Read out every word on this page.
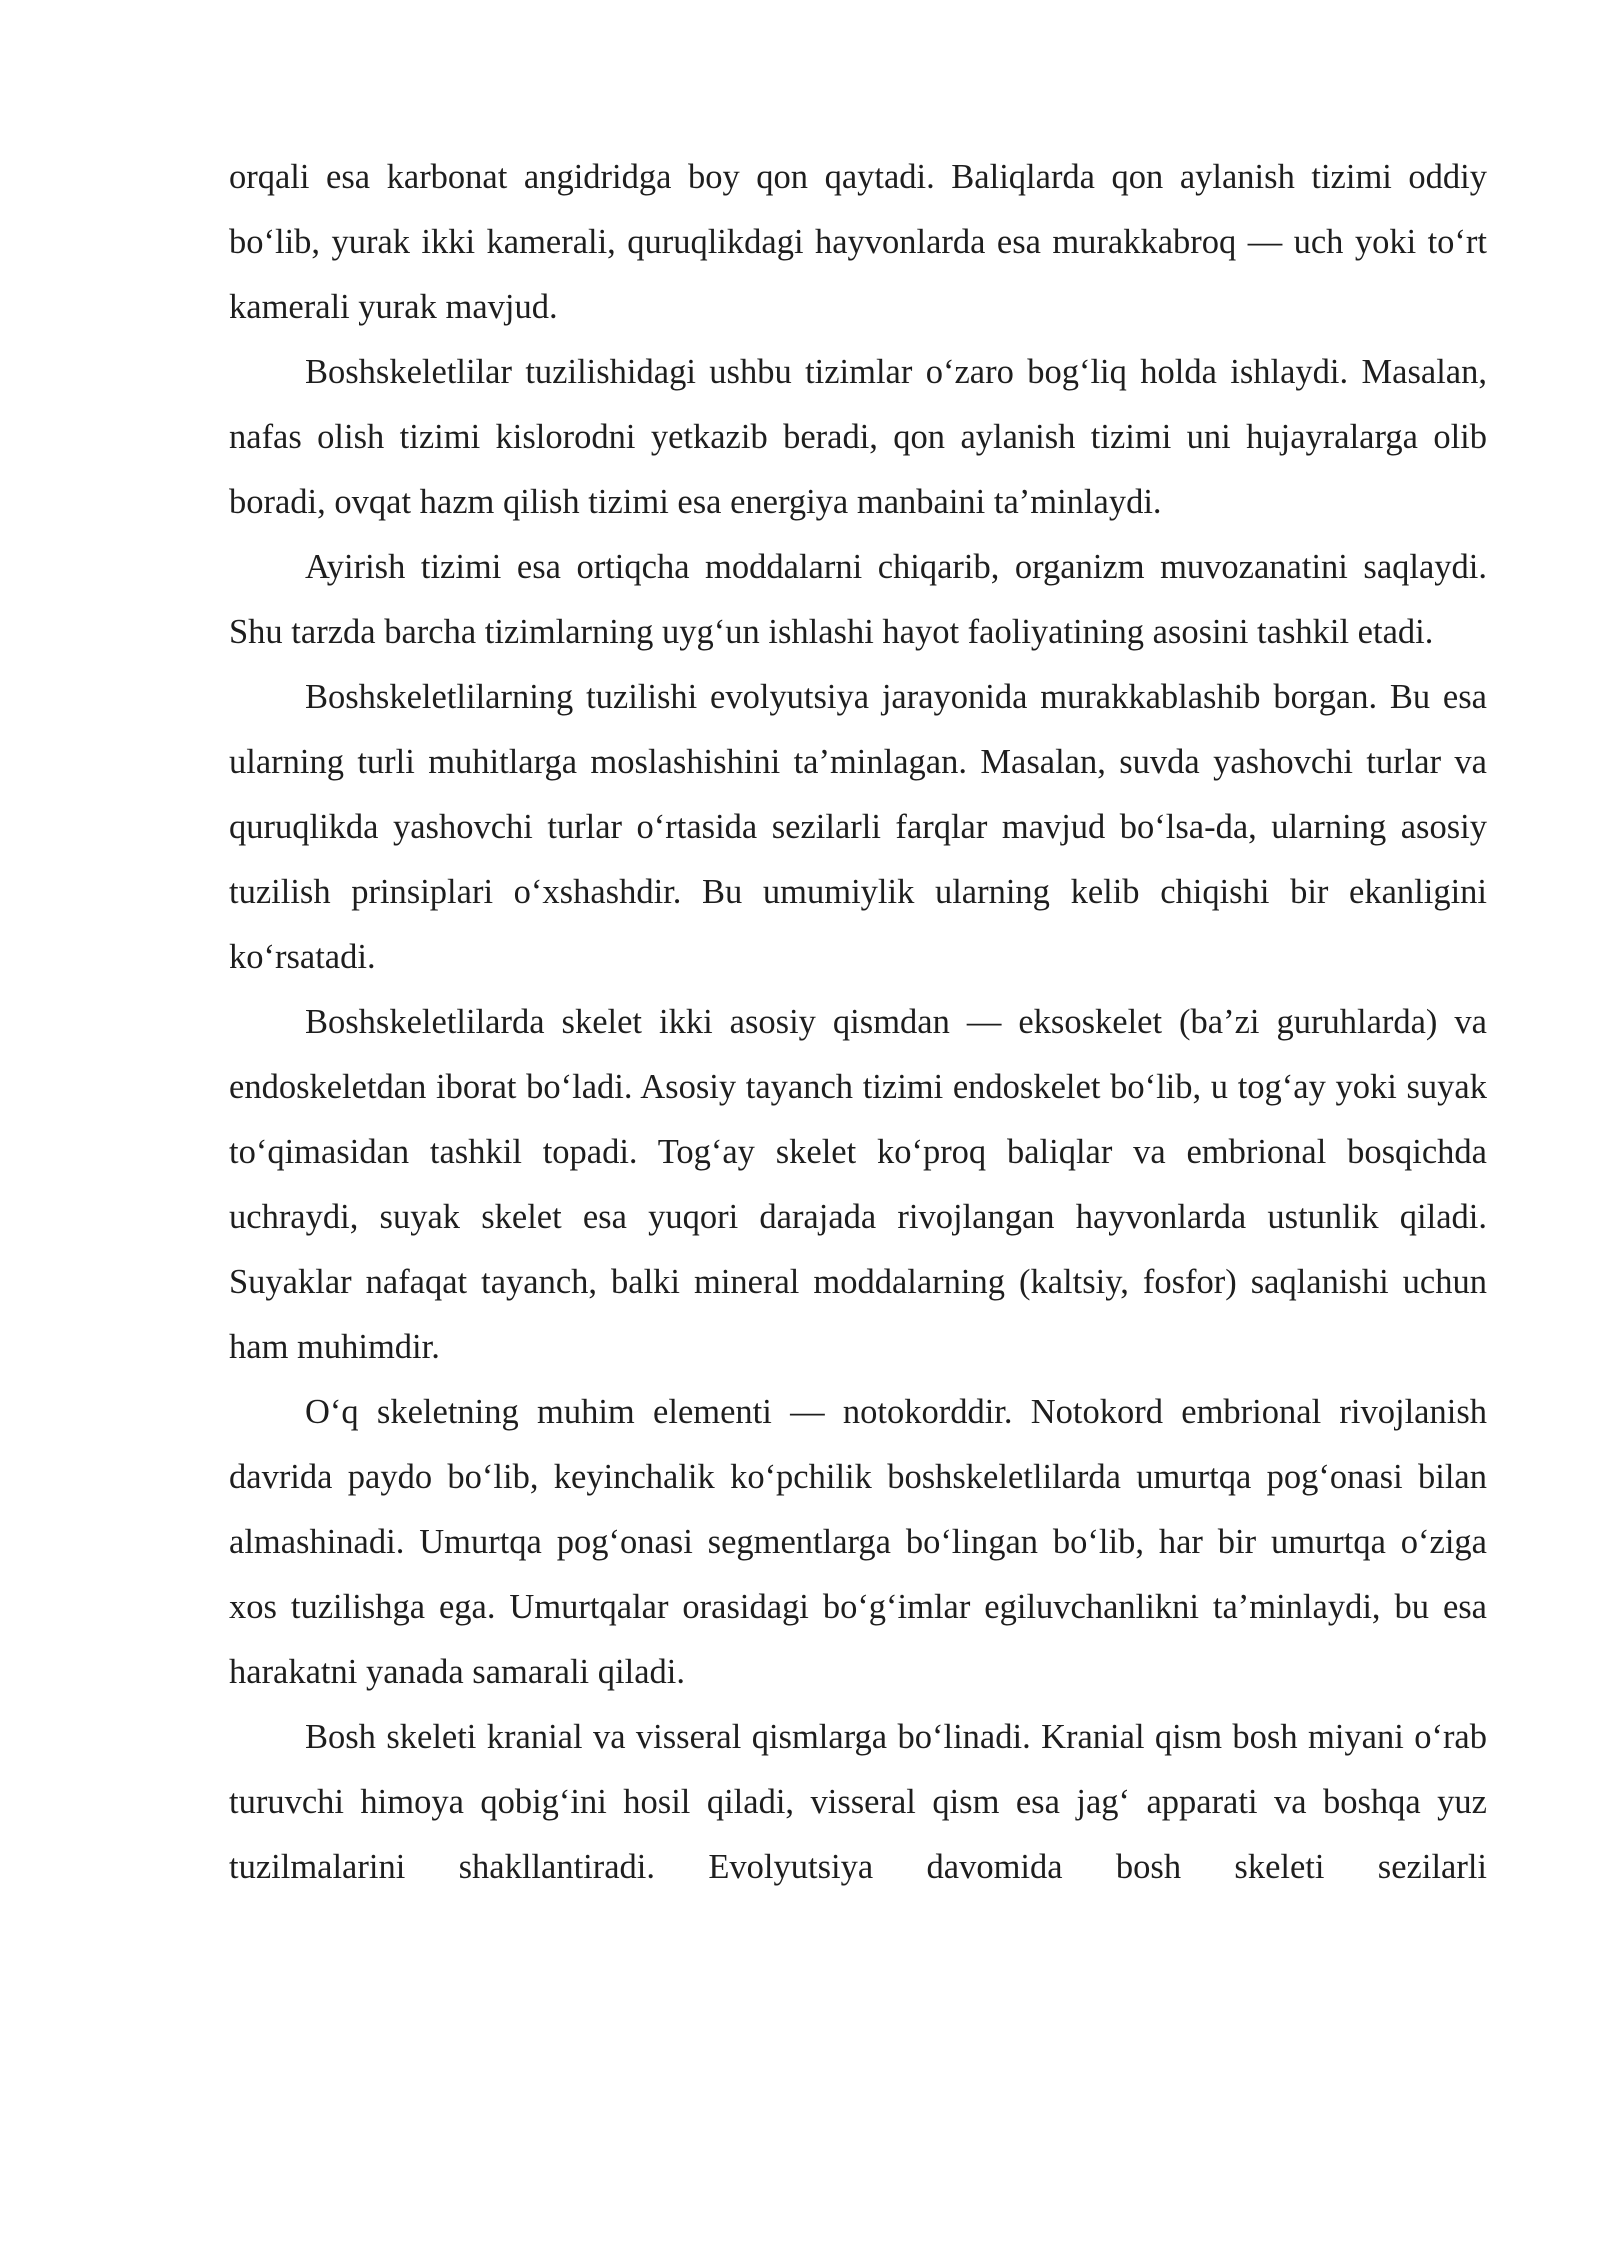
orqali esa karbonat angidridga boy qon qaytadi. Baliqlarda qon aylanish tizimi oddiy bo‘lib, yurak ikki kamerali, quruqlikdagi hayvonlarda esa murakkabroq — uch yoki to‘rt kamerali yurak mavjud.

Boshskeletlilar tuzilishidagi ushbu tizimlar o‘zaro bog‘liq holda ishlaydi. Masalan, nafas olish tizimi kislorodni yetkazib beradi, qon aylanish tizimi uni hujayralarga olib boradi, ovqat hazm qilish tizimi esa energiya manbaini ta’minlaydi.

Ayirish tizimi esa ortiqcha moddalarni chiqarib, organizm muvozanatini saqlaydi. Shu tarzda barcha tizimlarning uyg‘un ishlashi hayot faoliyatining asosini tashkil etadi.

Boshskeletlilarning tuzilishi evolyutsiya jarayonida murakkablashib borgan. Bu esa ularning turli muhitlarga moslashishini ta’minlagan. Masalan, suvda yashovchi turlar va quruqlikda yashovchi turlar o‘rtasida sezilarli farqlar mavjud bo‘lsa-da, ularning asosiy tuzilish prinsiplari o‘xshashdir. Bu umumiylik ularning kelib chiqishi bir ekanligini ko‘rsatadi.

Boshskeletlilarda skelet ikki asosiy qismdan — eksoskelet (ba’zi guruhlarda) va endoskeletdan iborat bo‘ladi. Asosiy tayanch tizimi endoskelet bo‘lib, u tog‘ay yoki suyak to‘qimasidan tashkil topadi. Tog‘ay skelet ko‘proq baliqlar va embrional bosqichda uchraydi, suyak skelet esa yuqori darajada rivojlangan hayvonlarda ustunlik qiladi. Suyaklar nafaqat tayanch, balki mineral moddalarning (kaltsiy, fosfor) saqlanishi uchun ham muhimdir.

O‘q skeletning muhim elementi — notokorddir. Notokord embrional rivojlanish davrida paydo bo‘lib, keyinchalik ko‘pchilik boshskeletlilarda umurtqa pog‘onasi bilan almashinadi. Umurtqa pog‘onasi segmentlarga bo‘lingan bo‘lib, har bir umurtqa o‘ziga xos tuzilishga ega. Umurtqalar orasidagi bo‘g‘imlar egiluvchanlikni ta’minlaydi, bu esa harakatni yanada samarali qiladi.

Bosh skeleti kranial va visseral qismlarga bo‘linadi. Kranial qism bosh miyani o‘rab turuvchi himoya qobig‘ini hosil qiladi, visseral qism esa jag‘ apparati va boshqa yuz tuzilmalarini shakllantiradi. Evolyutsiya davomida bosh skeleti sezilarli
